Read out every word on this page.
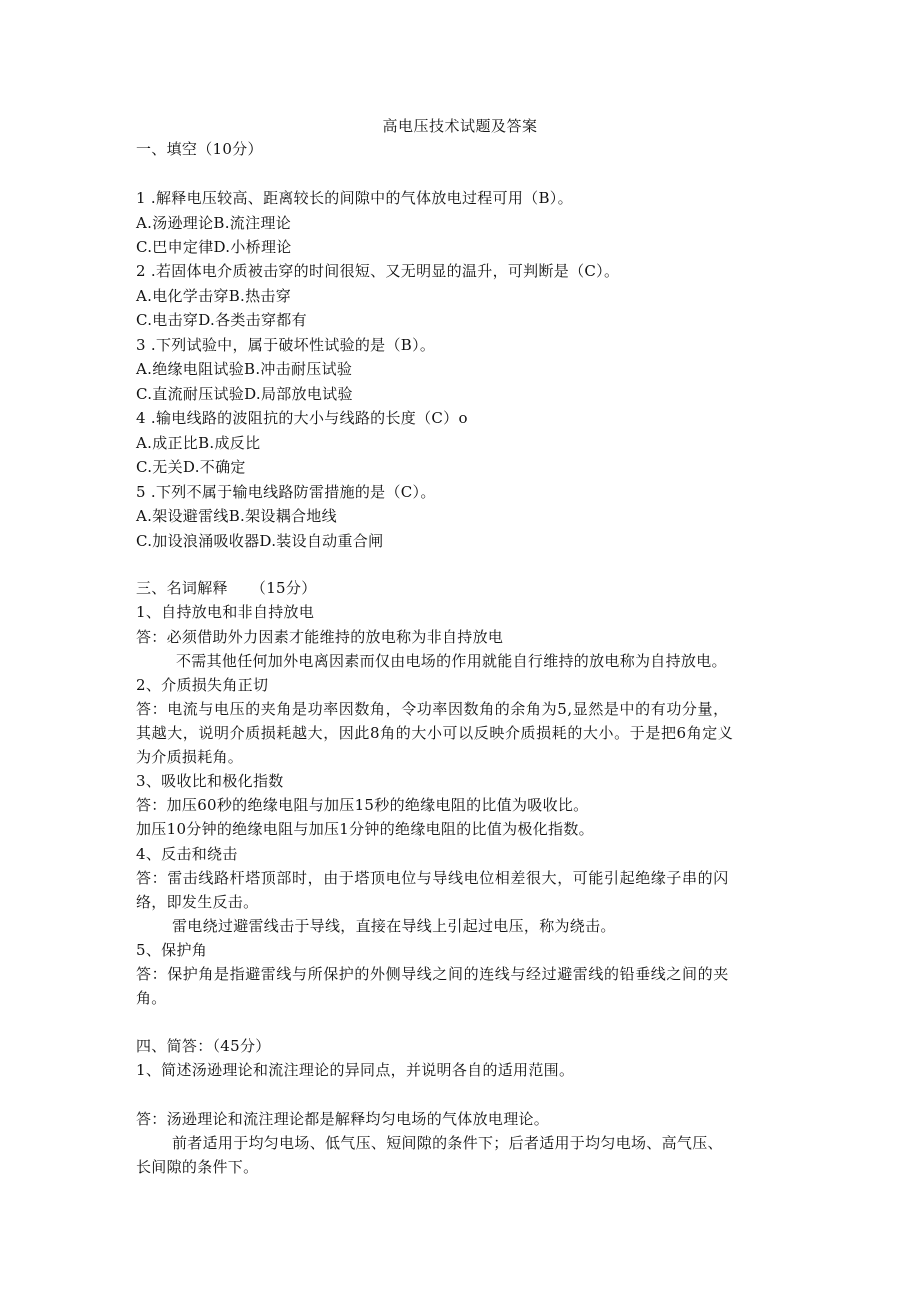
高电压技术试题及答案
一、填空（10分）
1 .解释电压较高、距离较长的间隙中的气体放电过程可用（B）。
A.汤逊理论B.流注理论
C.巴申定律D.小桥理论
2 .若固体电介质被击穿的时间很短、又无明显的温升，可判断是（C）。
A.电化学击穿B.热击穿
C.电击穿D.各类击穿都有
3 .下列试验中，属于破坏性试验的是（B）。
A.绝缘电阻试验B.冲击耐压试验
C.直流耐压试验D.局部放电试验
4 .输电线路的波阻抗的大小与线路的长度（C）o
A.成正比B.成反比
C.无关D.不确定
5 .下列不属于输电线路防雷措施的是（C）。
A.架设避雷线B.架设耦合地线
C.加设浪涌吸收器D.装设自动重合闸
三、名词解释　　（15分）
1、自持放电和非自持放电
答：必须借助外力因素才能维持的放电称为非自持放电
不需其他任何加外电离因素而仅由电场的作用就能自行维持的放电称为自持放电。
2、介质损失角正切
答：电流与电压的夹角是功率因数角，令功率因数角的余角为5,显然是中的有功分量，
其越大，说明介质损耗越大，因此8角的大小可以反映介质损耗的大小。于是把6角定义
为介质损耗角。
3、吸收比和极化指数
答：加压60秒的绝缘电阻与加压15秒的绝缘电阻的比值为吸收比。
加压10分钟的绝缘电阻与加压1分钟的绝缘电阻的比值为极化指数。
4、反击和绕击
答：雷击线路杆塔顶部时，由于塔顶电位与导线电位相差很大，可能引起绝缘子串的闪
络，即发生反击。
雷电绕过避雷线击于导线，直接在导线上引起过电压，称为绕击。
5、保护角
答：保护角是指避雷线与所保护的外侧导线之间的连线与经过避雷线的铅垂线之间的夹
角。
四、简答：（45分）
1、简述汤逊理论和流注理论的异同点，并说明各自的适用范围。
答：汤逊理论和流注理论都是解释均匀电场的气体放电理论。
前者适用于均匀电场、低气压、短间隙的条件下；后者适用于均匀电场、高气压、
长间隙的条件下。
